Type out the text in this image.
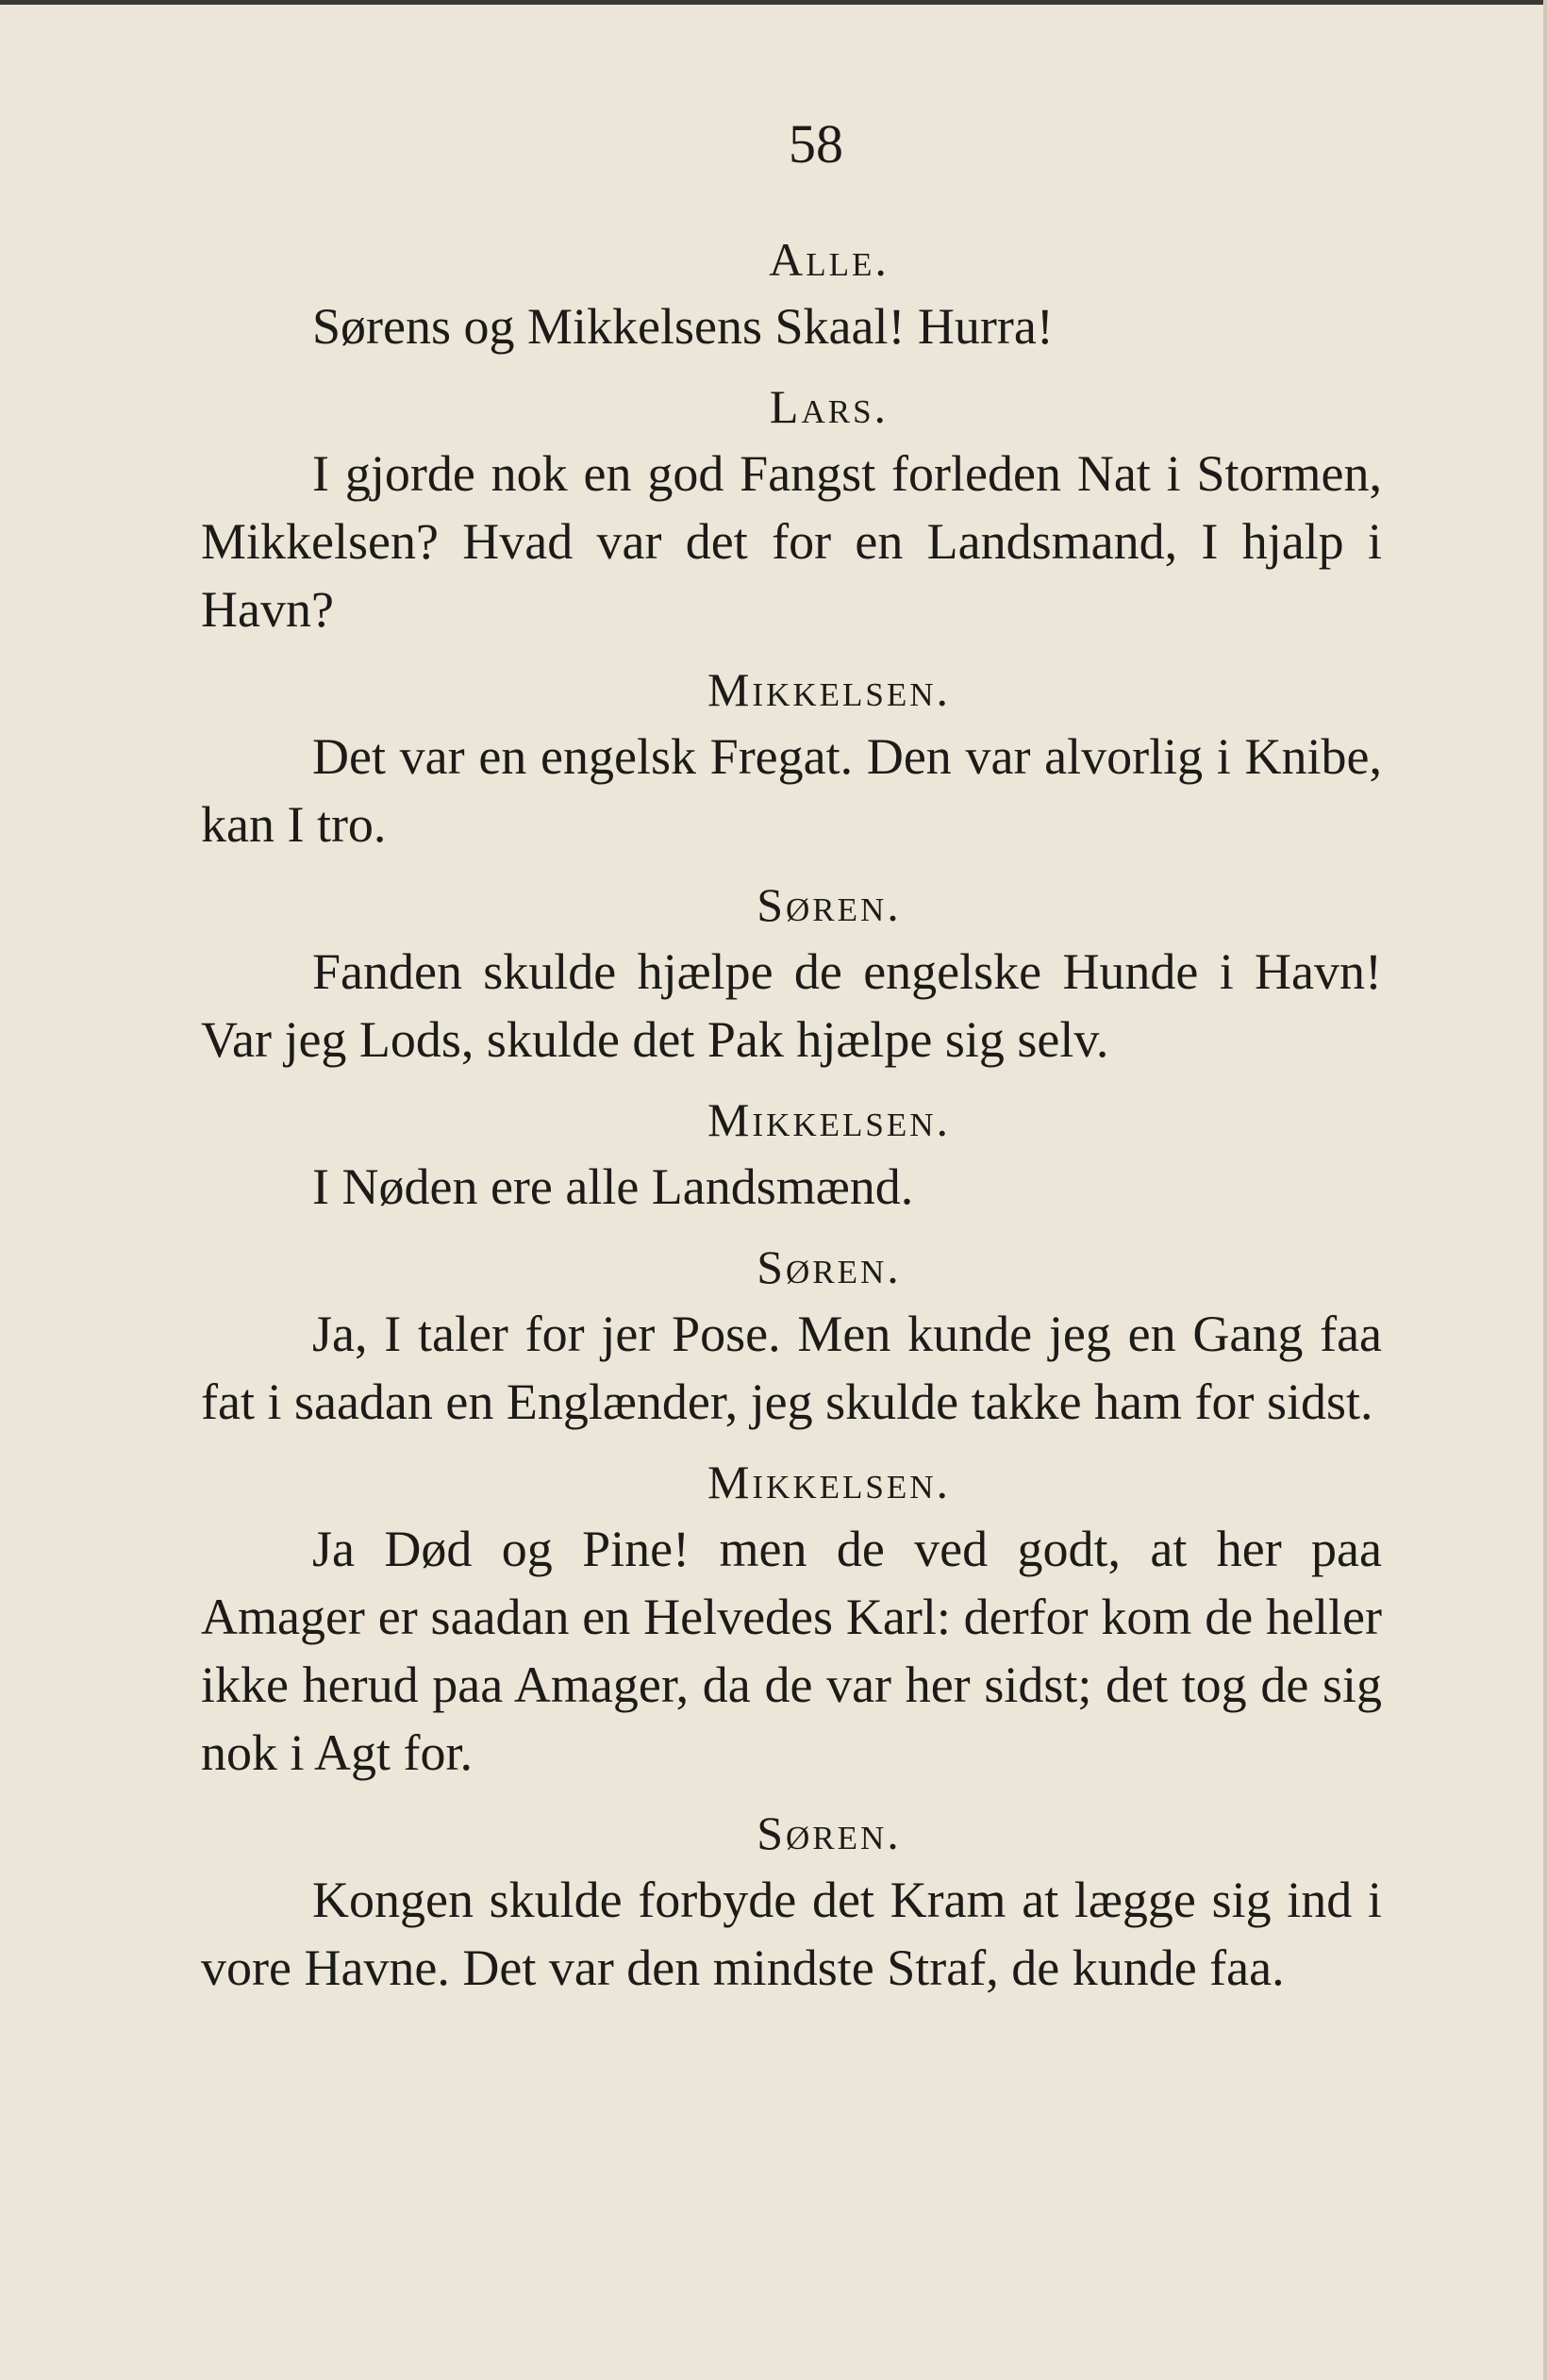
58

Alle.

Sørens og Mikkelsens Skaal! Hurra!

Lars.

I gjorde nok en god Fangst forleden Nat i Stormen, Mikkelsen? Hvad var det for en Landsmand, I hjalp i Havn?

Mikkelsen.

Det var en engelsk Fregat. Den var alvorlig i Knibe, kan I tro.

Søren.

Fanden skulde hjælpe de engelske Hunde i Havn! Var jeg Lods, skulde det Pak hjælpe sig selv.

Mikkelsen.

I Nøden ere alle Landsmænd.

Søren.

Ja, I taler for jer Pose. Men kunde jeg en Gang faa fat i saadan en Englænder, jeg skulde takke ham for sidst.

Mikkelsen.

Ja Død og Pine! men de ved godt, at her paa Amager er saadan en Helvedes Karl: derfor kom de heller ikke herud paa Amager, da de var her sidst; det tog de sig nok i Agt for.

Søren.

Kongen skulde forbyde det Kram at lægge sig ind i vore Havne. Det var den mindste Straf, de kunde faa.
